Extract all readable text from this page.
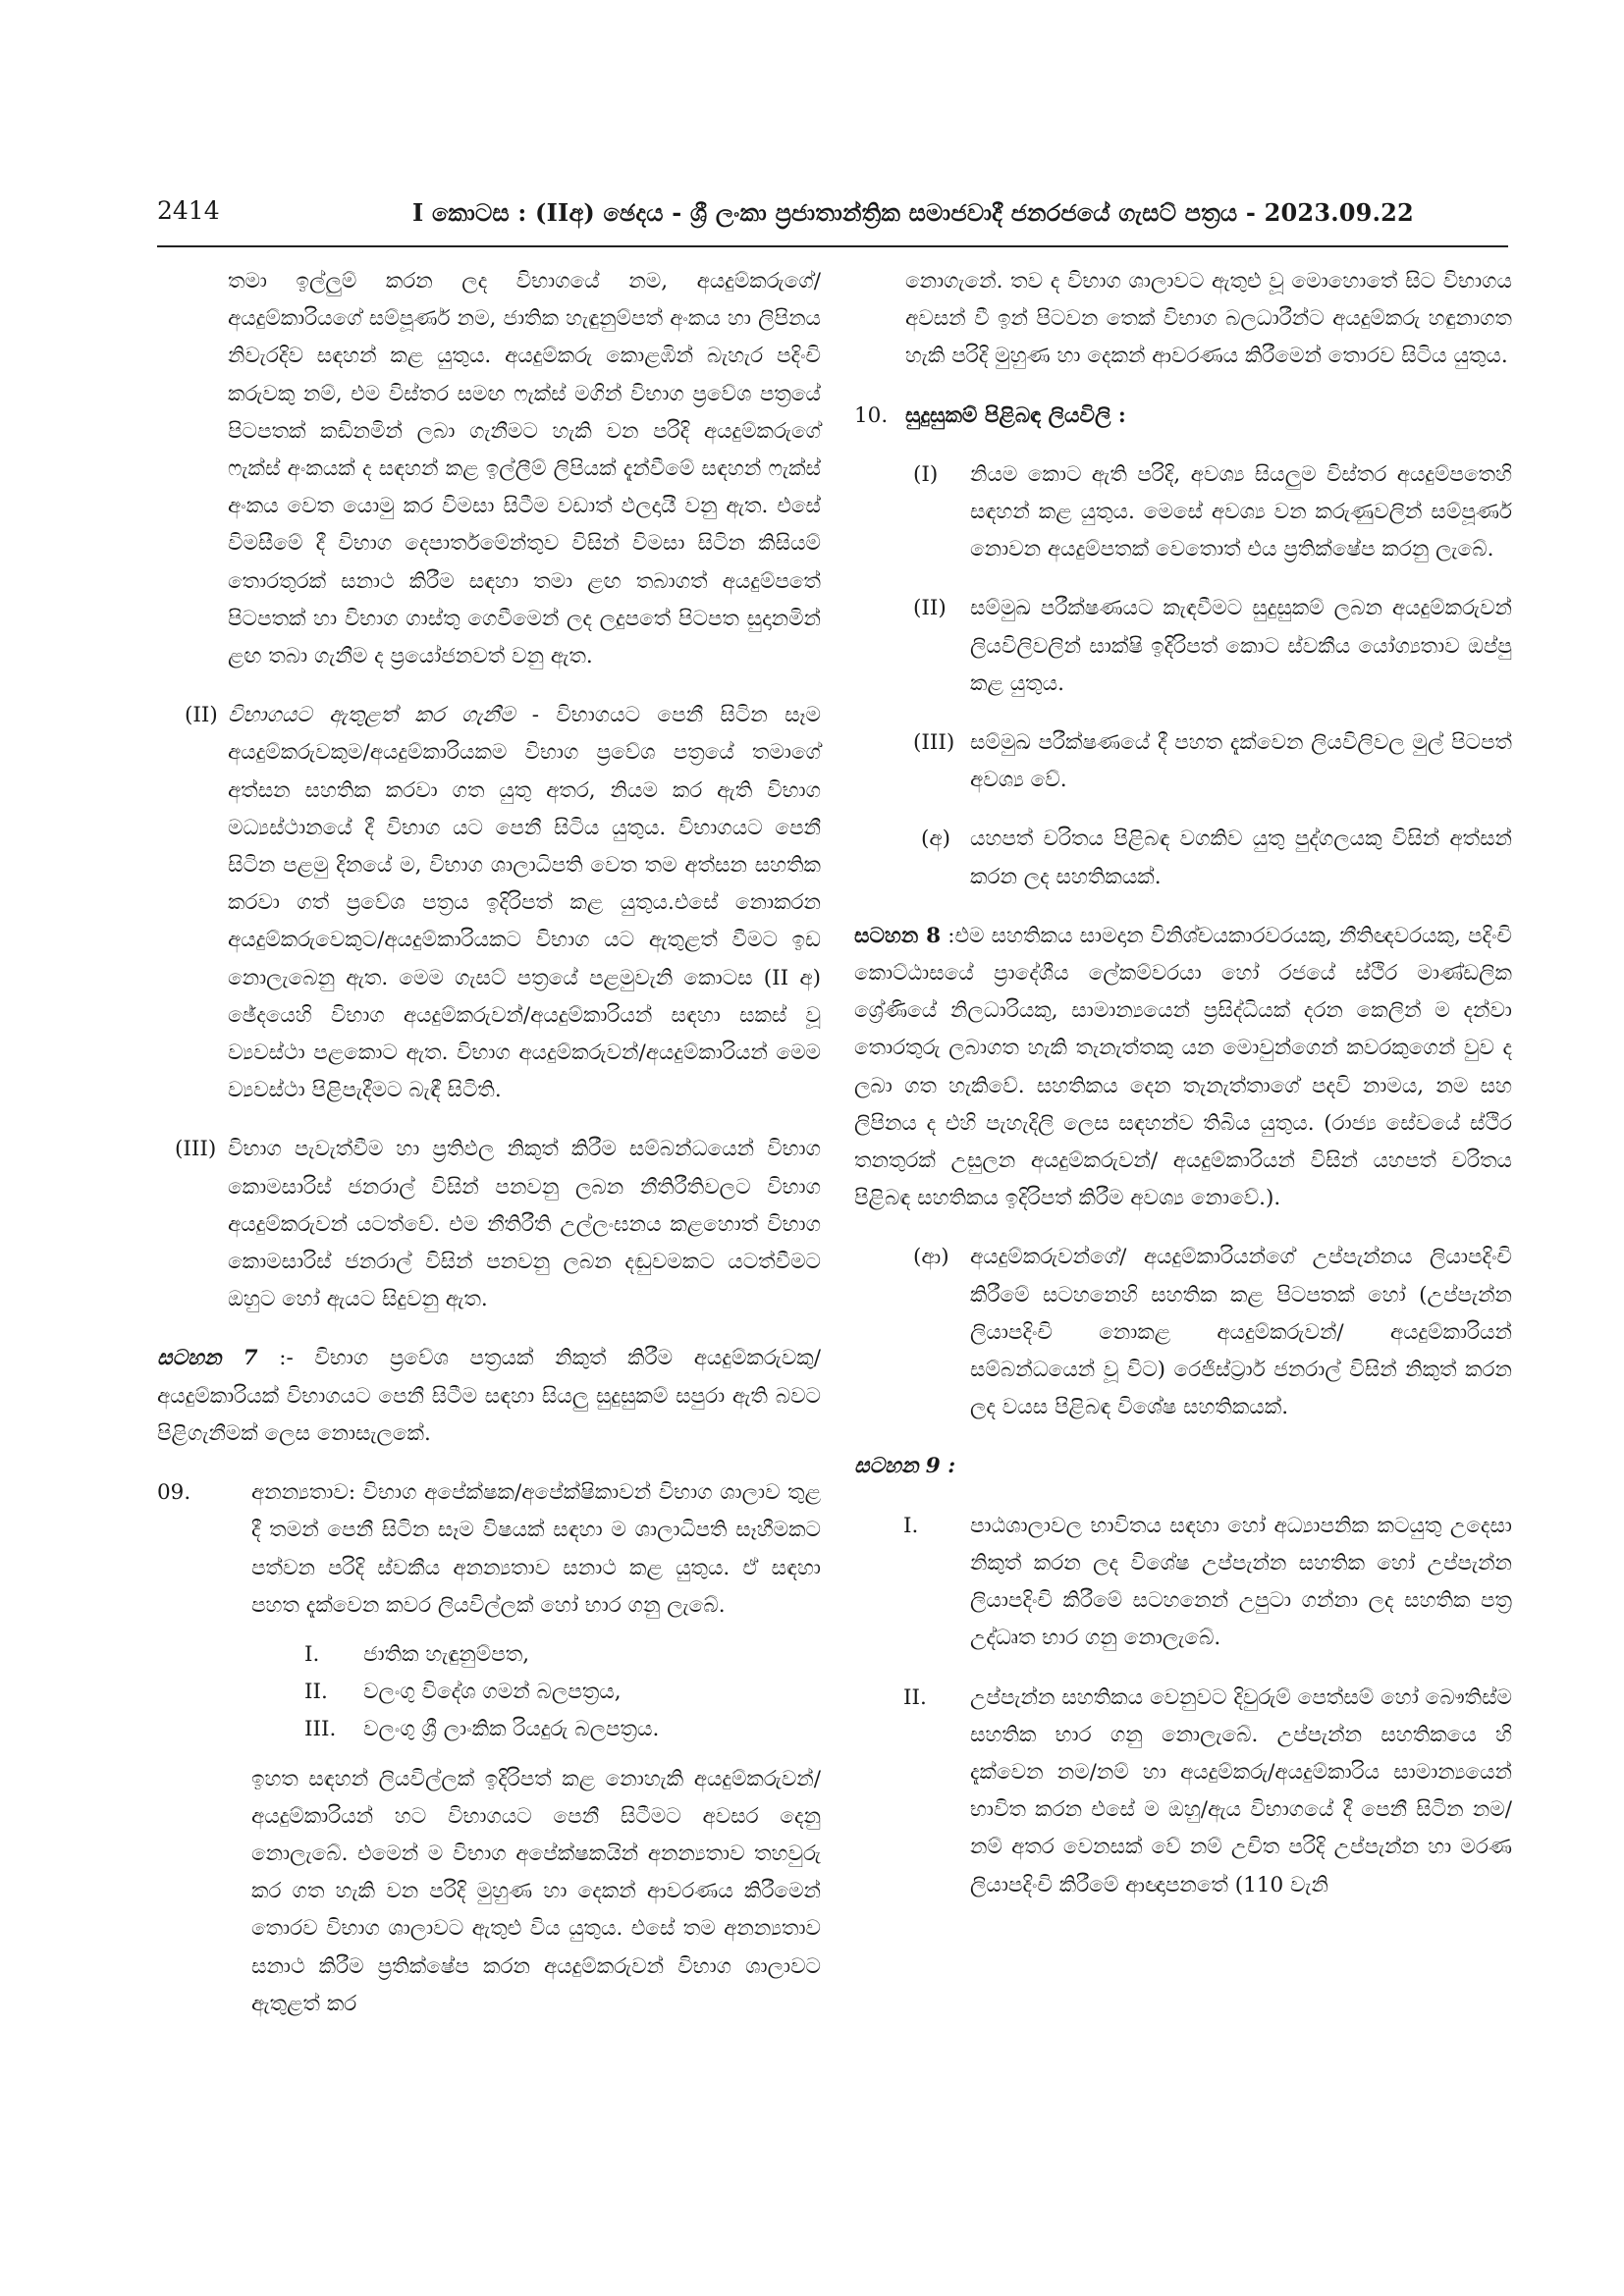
2414	I කොටස : (IIඅ) ඡෙදය - ශ්‍රී ලංකා ප්‍රජාතාන්ත්‍රික සමාජවාදී ජනරජයේ ගැසට් පත්‍රය - 2023.09.22

තමා ඉල්ලුම් කරන ලද විභාගයේ නම, අයදුම්කරුගේ/ අයදුම්කාරියගේ සම්පූර්ණ නම, ජාතික හැඳුනුම්පත් අංකය හා ලිපිනය නිවැරදිව සඳහන් කළ යුතුය. අයදුම්කරු කොළඹින් බැහැර පදිංචි කරුවකු නම්, එම විස්තර සමඟ ෆැක්ස් මගින් විභාග ප්‍රවේශ පත්‍රයේ පිටපතක් කඩිනමින් ලබා ගැනීමට හැකි වන පරිදි අයදුම්කරුගේ ෆැක්ස් අංකයක් ද සඳහන් කළ ඉල්ලීම් ලිපියක් දැන්වීමේ සඳහන් ෆැක්ස් අංකය වෙත යොමු කර විමසා සිටීම වඩාත් ඵලදායී වනු ඇත. එසේ විමසීමේ දී විභාග දෙපාර්තමේන්තුව විසින් විමසා සිටින කිසියම් තොරතුරක් සනාථ කිරීම සඳහා තමා ළඟ තබාගත් අයදුම්පතේ පිටපතක් හා විභාග ගාස්තු ගෙවීමෙන් ලද ලදුපතේ පිටපත සුදානමින් ළඟ තබා ගැනීම ද ප්‍රයෝජනවත් වනු ඇත.

(II) විභාගයට ඇතුළත් කර ගැනීම - විභාගයට පෙනී සිටින සෑම අයදුම්කරුවකුම/අයදුම්කාරියකම විභාග ප්‍රවේශ පත්‍රයේ තමාගේ අත්සන සහතික කරවා ගත යුතු අතර, නියම කර ඇති විභාග මධ්‍යස්ථානයේ දී විභාග යට පෙනී සිටිය යුතුය. විභාගයට පෙනී සිටින පළමු දිනයේ ම, විභාග ශාලාධිපති වෙත තම අත්සන සහතික කරවා ගත් ප්‍රවේශ පත්‍රය ඉදිරිපත් කළ යුතුය.එසේ නොකරන අයදුම්කරුවෙකුට/අයදුම්කාරියකට විභාග යට ඇතුළත් වීමට ඉඩ නොලැබෙනු ඇත. මෙම ගැසට් පත්‍රයේ පළමුවැනි කොටස (II අ) ඡේදයෙහි විභාග අයදුම්කරුවන්/අයදුම්කාරියන් සඳහා සකස් වූ ව්‍යවස්ථා පළකොට ඇත. විභාග අයදුම්කරුවන්/අයදුම්කාරියන් මෙම ව්‍යවස්ථා පිළිපැදීමට බැඳී සිටිති.
(III) විභාග පැවැත්වීම හා ප්‍රතිඵල නිකුත් කිරීම සම්බන්ධයෙන් විභාග කොමසාරිස් ජනරාල් විසින් පනවනු ලබන නීතිරීතිවලට විභාග අයදුම්කරුවන් යටත්වේ. එම නීතිරීති උල්ලංඝනය කළහොත් විභාග කොමසාරිස් ජනරාල් විසින් පනවනු ලබන දඬුවමකට යටත්වීමට ඔහුට හෝ ඇයට සිදුවනු ඇත.

සටහන 7 :- විභාග ප්‍රවේශ පත්‍රයක් නිකුත් කිරීම අයදුම්කරුවකු/ අයදුම්කාරියක් විභාගයට පෙනී සිටීම සඳහා සියලු සුදුසුකම් සපුරා ඇති බවට පිළිගැනීමක් ලෙස නොසැලකේ.

09.	අනන්‍යතාව: විභාග අපේක්ෂක/අපේක්ෂිකාවන් විභාග ශාලාව තුළ දී තමන් පෙනී සිටින සෑම විෂයක් සඳහා ම ශාලාධිපති සෑහීමකට පත්වන පරිදි ස්වකීය අනන්‍යතාව සනාථ කළ යුතුය. ඒ සඳහා පහත දැක්වෙන කවර ලියවිල්ලක් හෝ භාර ගනු ලැබේ.
I. ජාතික හැඳුනුම්පත,
II. වලංගු විදේශ ගමන් බලපත්‍රය,
III. වලංගු ශ්‍රී ලාංකික රියදුරු බලපත්‍රය.

ඉහත සඳහන් ලියවිල්ලක් ඉදිරිපත් කළ නොහැකි අයදුම්කරුවන්/අයදුම්කාරියන් හට විභාගයට පෙනී සිටීමට අවසර දෙනු නොලැබේ. එමෙන් ම විභාග අපේක්ෂකයින් අනන්‍යතාව තහවුරු කර ගත හැකි වන පරිදි මුහුණ හා දෙකන් ආවරණය කිරීමෙන් තොරව විභාග ශාලාවට ඇතුළු විය යුතුය. එසේ තම අනන්‍යතාව සනාථ කිරීම ප්‍රතික්ෂේප කරන අයදුම්කරුවන් විභාග ශාලාවට ඇතුළත් කර

නොගැනේ. තව ද විභාග ශාලාවට ඇතුළු වූ මොහොතේ සිට විභාගය අවසන් වී ඉන් පිටවන තෙක් විභාග බලධාරීන්ට අයදුම්කරු හඳුනාගත හැකි පරිදි මුහුණ හා දෙකන් ආවරණය කිරීමෙන් තොරව සිටිය යුතුය.

10. සුදුසුකම් පිළිබඳ ලියවිලි :
(I) නියම කොට ඇති පරිදි, අවශ්‍ය සියලුම විස්තර අයදුම්පතෙහි සඳහන් කළ යුතුය. මෙසේ අවශ්‍ය වන කරුණුවලින් සම්පූර්ණ නොවන අයදුම්පතක් වෙතොත් එය ප්‍රතික්ෂේප කරනු ලැබේ.
(II) සම්මුඛ පරීක්ෂණයට කැඳවීමට සුදුසුකම් ලබන අයදුම්කරුවන් ලියවිලිවලින් සාක්ෂි ඉදිරිපත් කොට ස්වකීය යෝග්‍යතාව ඔප්පු කළ යුතුය.
(III) සම්මුඛ පරීක්ෂණයේ දී පහත දැක්වෙන ලියවිලිවල මුල් පිටපත් අවශ්‍ය වේ.
(අ) යහපත් චරිතය පිළිබඳ වගකිව යුතු පුද්ගලයකු විසින් අත්සන් කරන ලද සහතිකයක්.

සටහන 8 :එම සහතිකය සාමදාන විනිශ්චයකාරවරයකු, නීතිඥවරයකු, පදිංචි කොට්ඨාසයේ ප්‍රාදේශීය ලේකම්වරයා හෝ රජයේ ස්ථිර මාණ්ඩලික ශ්‍රේණියේ නිලධාරියකු, සාමාන්‍යයෙන් ප්‍රසිද්ධියක් දරන කෙලින් ම දන්වා තොරතුරු ලබාගත හැකි තැනැත්තකු යන මොවුන්ගෙන් කවරකුගෙන් වුව ද ලබා ගත හැකිවේ. සහතිකය දෙන තැනැත්තාගේ පදවි නාමය, නම සහ ලිපිනය ද එහි පැහැදිලි ලෙස සඳහන්ව තිබිය යුතුය. (රාජ්‍ය සේවයේ ස්ථිර තනතුරක් උසුලන අයදුම්කරුවන්/ අයදුම්කාරියන් විසින් යහපත් චරිතය පිළිබඳ සහතිකය ඉදිරිපත් කිරීම අවශ්‍ය නොවේ.).

(ආ) අයදුම්කරුවන්ගේ/ අයදුම්කාරියන්ගේ උප්පැන්නය ලියාපදිංචි කිරීමේ සටහනෙහි සහතික කළ පිටපතක් හෝ (උප්පැන්න ලියාපදිංචි නොකළ අයදුම්කරුවන්/ අයදුම්කාරියන් සම්බන්ධයෙන් වූ විට) රෙජිස්ට්‍රාර් ජනරාල් විසින් නිකුත් කරන ලද වයස පිළිබඳ විශේෂ සහතිකයක්.

සටහන 9 :

I. පාඨශාලාවල භාවිතය සඳහා හෝ අධ්‍යාපනික කටයුතු උදෙසා නිකුත් කරන ලද විශේෂ උප්පැන්න සහතික හෝ උප්පැන්න ලියාපදිංචි කිරීමේ සටහනෙන් උපුටා ගන්නා ලද සහතික පත්‍ර උද්ධෘත භාර ගනු නොලැබේ.
II. උප්පැන්න සහතිකය වෙනුවට දිවුරුම් පෙත්සම් හෝ බෞතිස්ම සහතික භාර ගනු නොලැබේ. උප්පැන්න සහතිකයෙ හි දැක්වෙන නම/නම් හා අයදුම්කරු/අයදුම්කාරිය සාමාන්‍යයෙන් භාවිත කරන එසේ ම ඔහු/ඇය විභාගයේ දී පෙනී සිටින නම/නම් අතර වෙනසක් වේ නම් උචිත පරිදි උප්පැන්න හා මරණ ලියාපදිංචි කිරීමේ ආඥාපනතේ (110 වැනි
